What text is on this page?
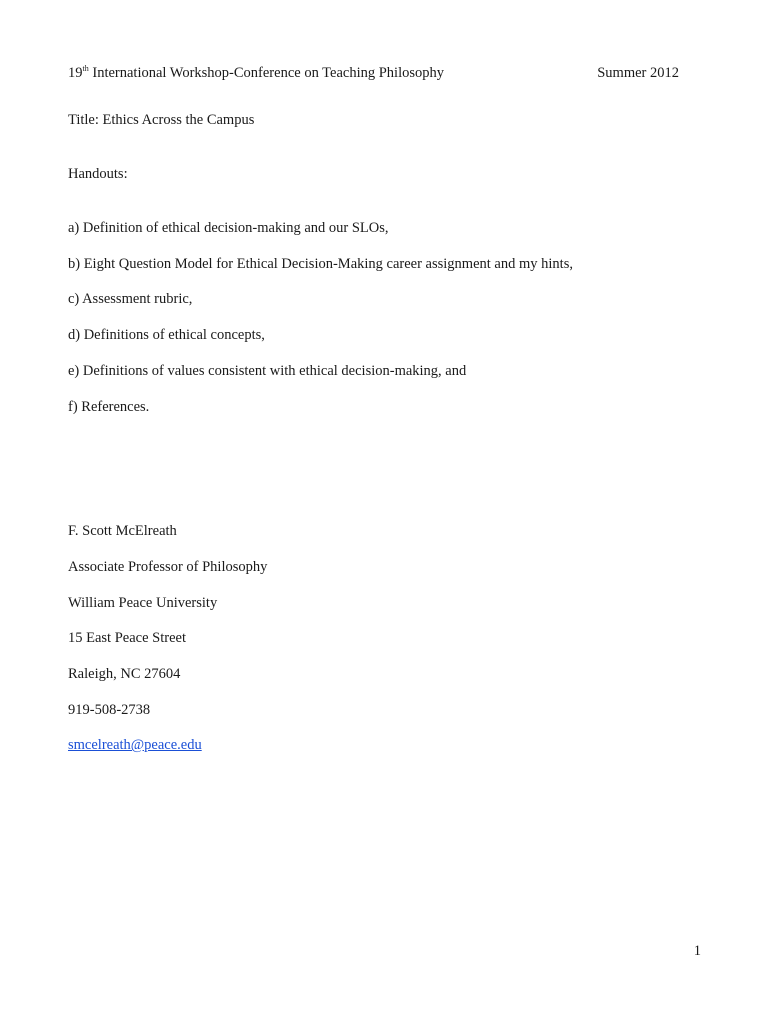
19th International Workshop-Conference on Teaching Philosophy	Summer 2012
Title: Ethics Across the Campus
Handouts:
a) Definition of ethical decision-making and our SLOs,
b) Eight Question Model for Ethical Decision-Making career assignment and my hints,
c) Assessment rubric,
d) Definitions of ethical concepts,
e) Definitions of values consistent with ethical decision-making, and
f) References.
F. Scott McElreath
Associate Professor of Philosophy
William Peace University
15 East Peace Street
Raleigh, NC 27604
919-508-2738
smcelreath@peace.edu
1
